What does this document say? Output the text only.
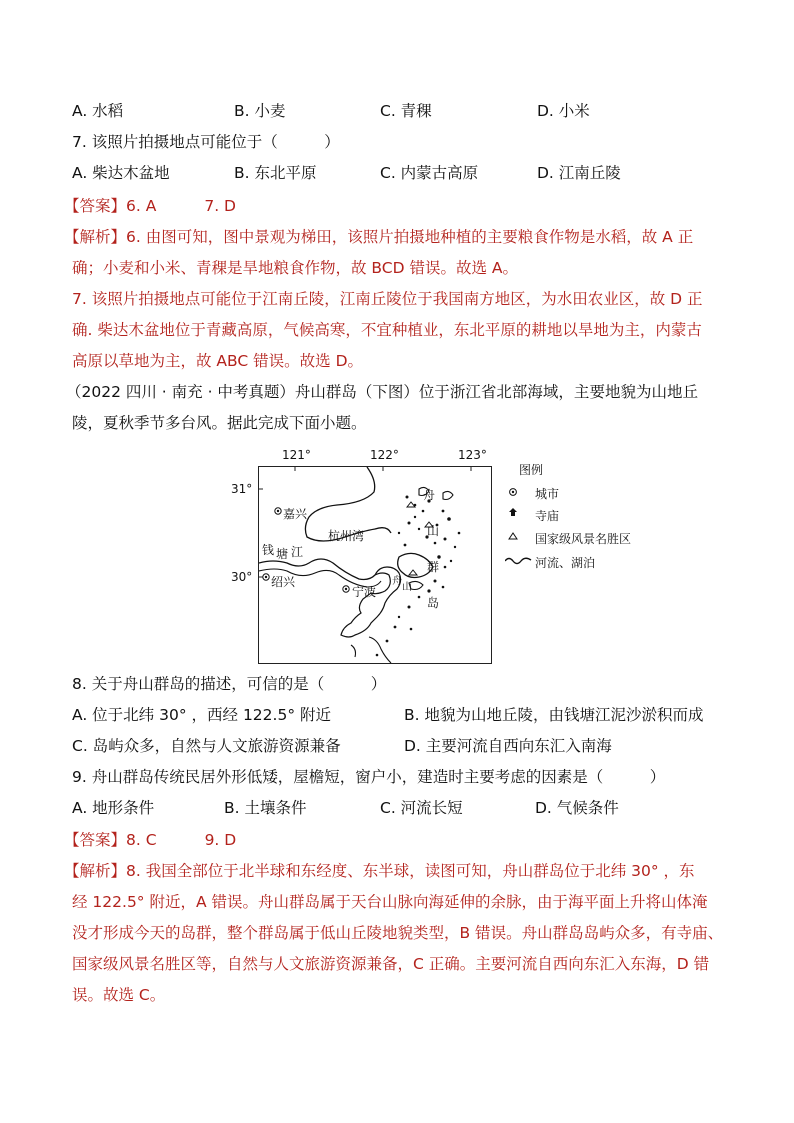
A. 水稻	B. 小麦	C. 青稞	D. 小米
7. 该照片拍摄地点可能位于（　　　）
A. 柴达木盆地	B. 东北平原	C. 内蒙古高原	D. 江南丘陵
【答案】6. A	7. D
【解析】6. 由图可知，图中景观为梯田，该照片拍摄地种植的主要粮食作物是水稻，故 A 正
确；小麦和小米、青稞是旱地粮食作物，故 BCD 错误。故选 A。
7. 该照片拍摄地点可能位于江南丘陵，江南丘陵位于我国南方地区，为水田农业区，故 D 正
确. 柴达木盆地位于青藏高原，气候高寒，不宜种植业，东北平原的耕地以旱地为主，内蒙古
高原以草地为主，故 ABC 错误。故选 D。
（2022 四川 · 南充 · 中考真题）舟山群岛（下图）位于浙江省北部海域，主要地貌为山地丘
陵，夏秋季节多台风。据此完成下面小题。
121°	122°	123°
31°
30°
嘉兴
绍兴
宁波
杭州湾
钱 塘 江
舟
山
群
岛
舟
山
图例
城市
寺庙
国家级风景名胜区
河流、湖泊
8. 关于舟山群岛的描述，可信的是（　　　）
A. 位于北纬 30° ，西经 122.5° 附近	B. 地貌为山地丘陵，由钱塘江泥沙淤积而成
C. 岛屿众多，自然与人文旅游资源兼备	D. 主要河流自西向东汇入南海
9. 舟山群岛传统民居外形低矮，屋檐短，窗户小，建造时主要考虑的因素是（　　　）
A. 地形条件	B. 土壤条件	C. 河流长短	D. 气候条件
【答案】8. C	9. D
【解析】8. 我国全部位于北半球和东经度、东半球，读图可知，舟山群岛位于北纬 30° ，东
经 122.5° 附近，A 错误。舟山群岛属于天台山脉向海延伸的余脉，由于海平面上升将山体淹
没才形成今天的岛群，整个群岛属于低山丘陵地貌类型，B 错误。舟山群岛岛屿众多，有寺庙、
国家级风景名胜区等，自然与人文旅游资源兼备，C 正确。主要河流自西向东汇入东海，D 错
误。故选 C。
